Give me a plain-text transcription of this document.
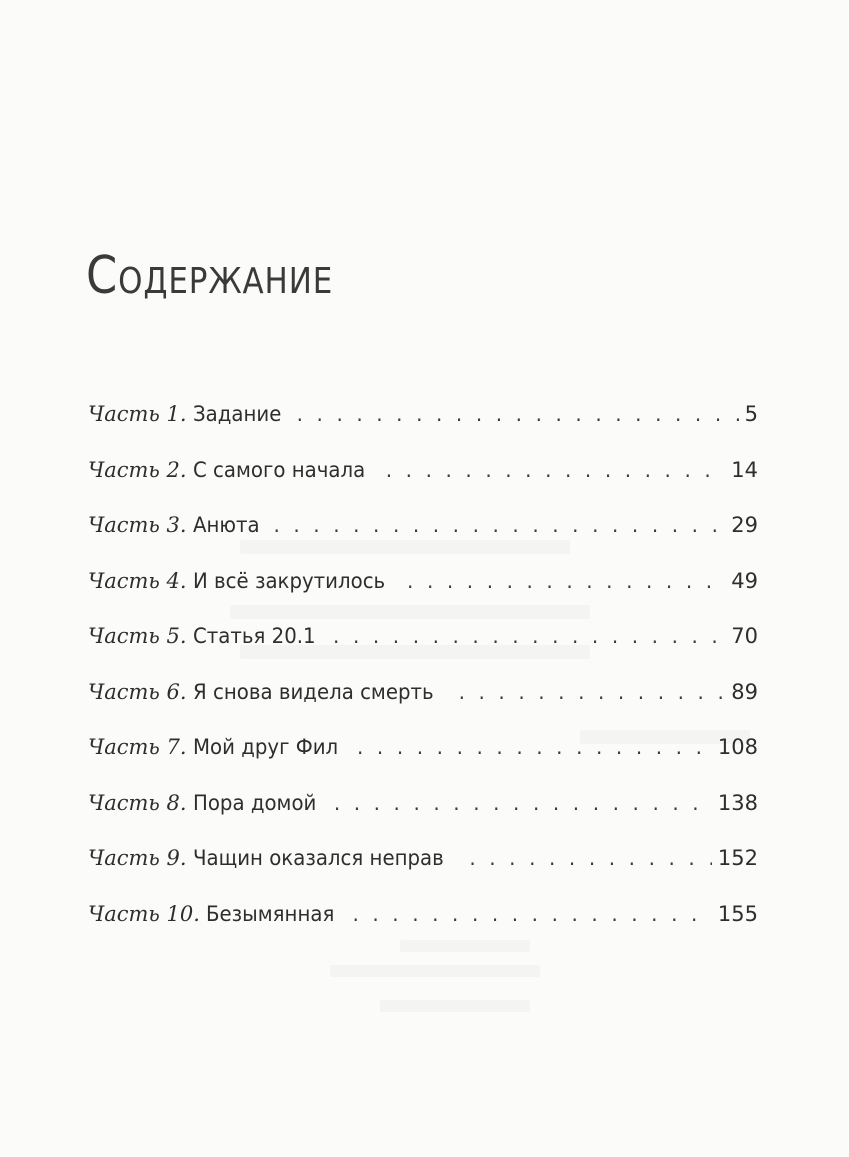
Содержание
Часть 1. Задание . . .	5
Часть 2. С самого начала . . .	14
Часть 3. Анюта . . .	29
Часть 4. И всё закрутилось . . .	49
Часть 5. Статья 20.1 . . .	70
Часть 6. Я снова видела смерть . . .	89
Часть 7. Мой друг Фил . . .	108
Часть 8. Пора домой . . .	138
Часть 9. Чащин оказался неправ . . .	152
Часть 10. Безымянная . . .	155
